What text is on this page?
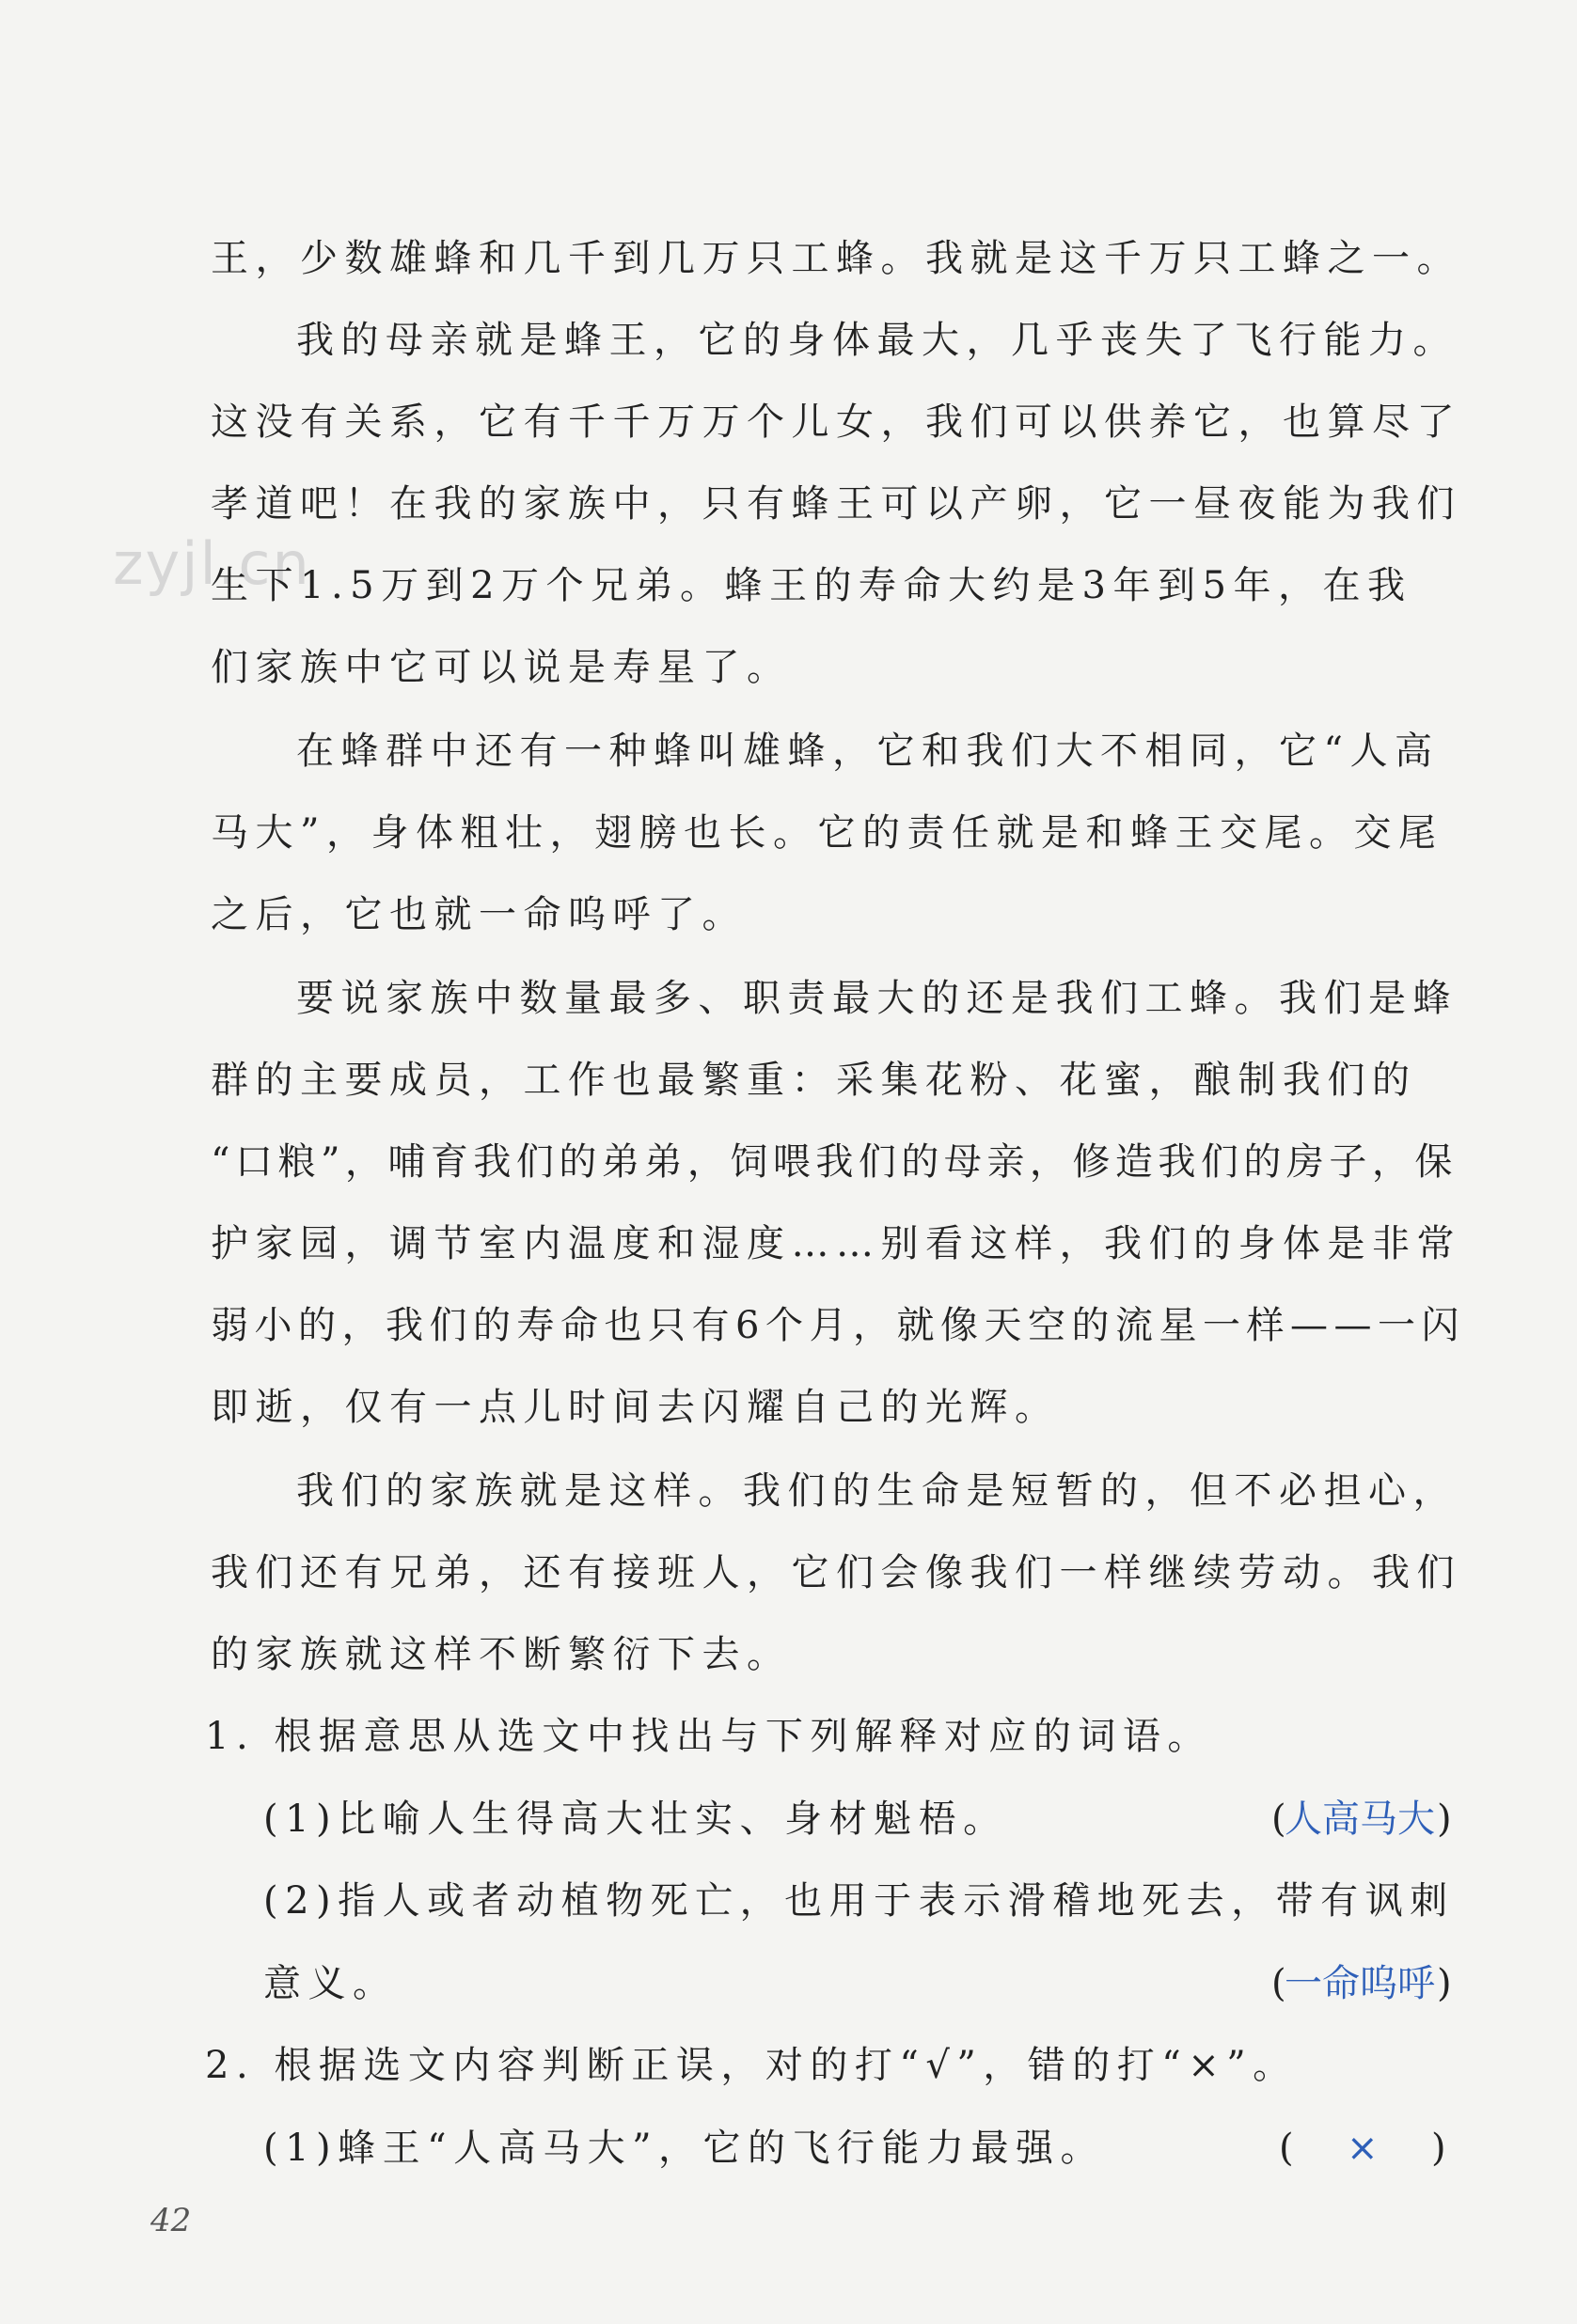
zyjl.cn
王，少数雄蜂和几千到几万只工蜂。我就是这千万只工蜂之一。
我的母亲就是蜂王，它的身体最大，几乎丧失了飞行能力。
这没有关系，它有千千万万个儿女，我们可以供养它，也算尽了
孝道吧！在我的家族中，只有蜂王可以产卵，它一昼夜能为我们
生下1.5万到2万个兄弟。蜂王的寿命大约是3年到5年，在我
们家族中它可以说是寿星了。
在蜂群中还有一种蜂叫雄蜂，它和我们大不相同，它“人高
马大”，身体粗壮，翅膀也长。它的责任就是和蜂王交尾。交尾
之后，它也就一命呜呼了。
要说家族中数量最多、职责最大的还是我们工蜂。我们是蜂
群的主要成员，工作也最繁重：采集花粉、花蜜，酿制我们的
“口粮”，哺育我们的弟弟，饲喂我们的母亲，修造我们的房子，保
护家园，调节室内温度和湿度……别看这样，我们的身体是非常
弱小的，我们的寿命也只有6个月，就像天空的流星一样——一闪
即逝，仅有一点儿时间去闪耀自己的光辉。
我们的家族就是这样。我们的生命是短暂的，但不必担心，
我们还有兄弟，还有接班人，它们会像我们一样继续劳动。我们
的家族就这样不断繁衍下去。
1. 根据意思从选文中找出与下列解释对应的词语。
(1)比喻人生得高大壮实、身材魁梧。	(
人高马大 )
(2)指人或者动植物死亡，也用于表示滑稽地死去，带有讽刺
意义。	(
一命呜呼 )
2. 根据选文内容判断正误，对的打“√”，错的打“×”。
(1)蜂王“人高马大”，它的飞行能力最强。	( × )
42
